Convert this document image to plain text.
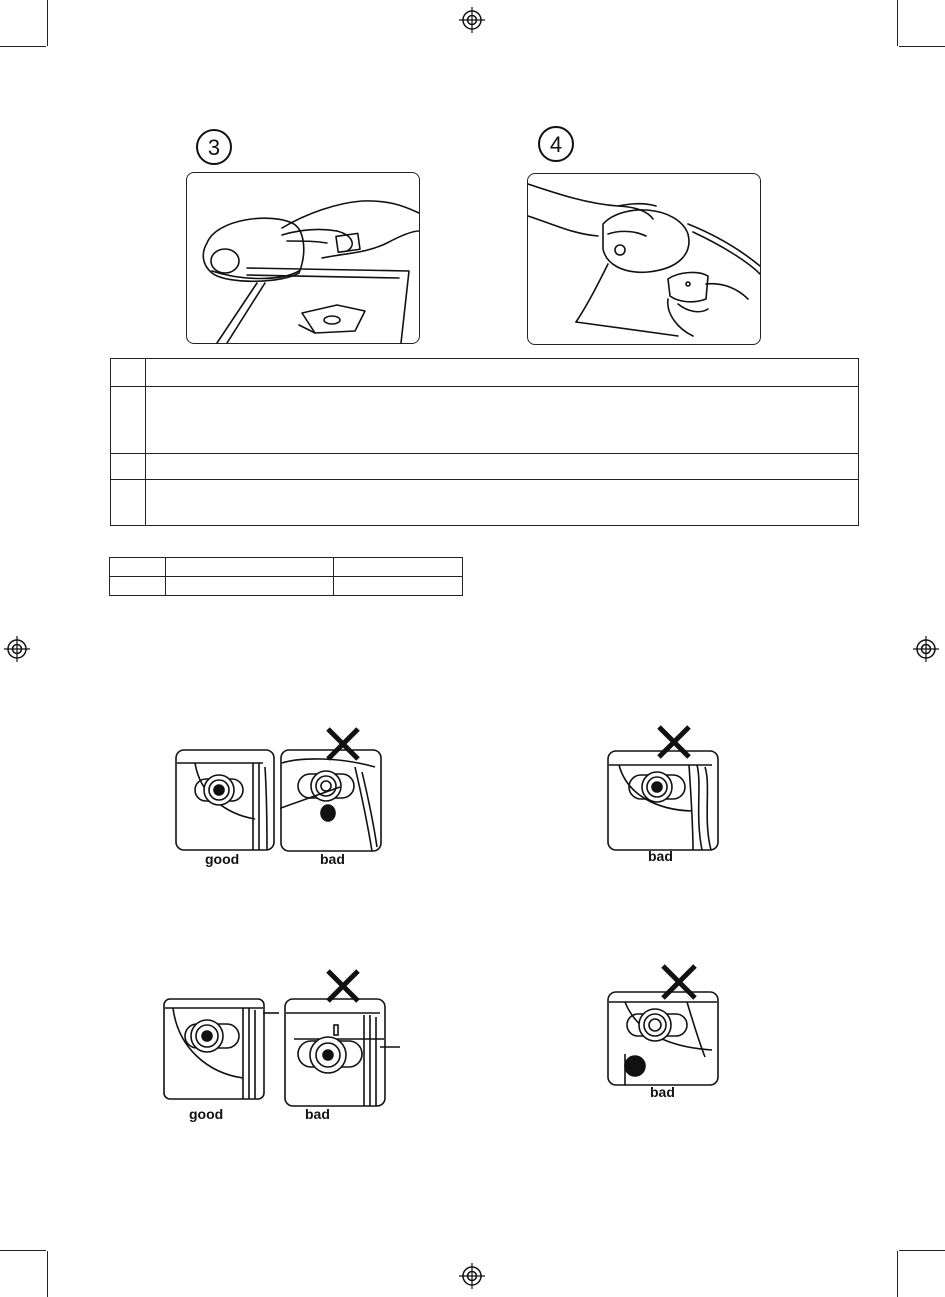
3	4

good	bad	bad
good	bad
bad
